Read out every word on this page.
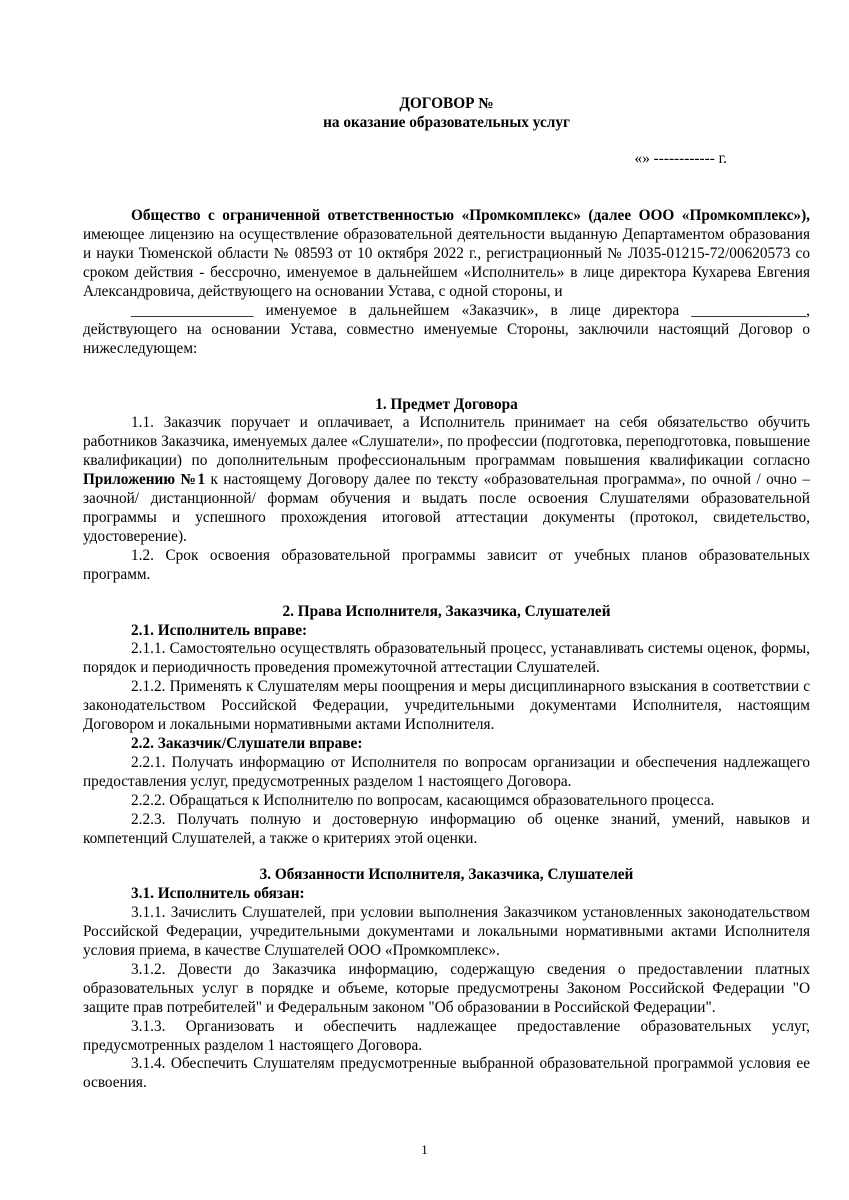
ДОГОВОР №
на оказание образовательных услуг
«» ------------ г.

Общество с ограниченной ответственностью «Промкомплекс» (далее ООО «Промкомплекс»), имеющее лицензию на осуществление образовательной деятельности выданную Департаментом образования и науки Тюменской области № 08593 от 10 октября 2022 г., регистрационный № Л035-01215-72/00620573 со сроком действия - бессрочно, именуемое в дальнейшем «Исполнитель» в лице директора Кухарева Евгения Александровича, действующего на основании Устава, с одной стороны, и

________________ именуемое в дальнейшем «Заказчик», в лице директора _______________, действующего на основании Устава, совместно именуемые Стороны, заключили настоящий Договор о нижеследующем:

1. Предмет Договора

1.1. Заказчик поручает и оплачивает, а Исполнитель принимает на себя обязательство обучить работников Заказчика, именуемых далее «Слушатели», по профессии (подготовка, переподготовка, повышение квалификации) по дополнительным профессиональным программам повышения квалификации согласно Приложению №1 к настоящему Договору далее по тексту «образовательная программа», по очной / очно – заочной/ дистанционной/ формам обучения и выдать после освоения Слушателями образовательной программы и успешного прохождения итоговой аттестации документы (протокол, свидетельство, удостоверение).

1.2. Срок освоения образовательной программы зависит от учебных планов образовательных программ.

2. Права Исполнителя, Заказчика, Слушателей
2.1. Исполнитель вправе:

2.1.1. Самостоятельно осуществлять образовательный процесс, устанавливать системы оценок, формы, порядок и периодичность проведения промежуточной аттестации Слушателей.

2.1.2. Применять к Слушателям меры поощрения и меры дисциплинарного взыскания в соответствии с законодательством Российской Федерации, учредительными документами Исполнителя, настоящим Договором и локальными нормативными актами Исполнителя.

2.2. Заказчик/Слушатели вправе:

2.2.1. Получать информацию от Исполнителя по вопросам организации и обеспечения надлежащего предоставления услуг, предусмотренных разделом 1 настоящего Договора.

2.2.2. Обращаться к Исполнителю по вопросам, касающимся образовательного процесса.

2.2.3. Получать полную и достоверную информацию об оценке знаний, умений, навыков и компетенций Слушателей, а также о критериях этой оценки.

3. Обязанности Исполнителя, Заказчика, Слушателей
3.1. Исполнитель обязан:

3.1.1. Зачислить Слушателей, при условии выполнения Заказчиком установленных законодательством Российской Федерации, учредительными документами и локальными нормативными актами Исполнителя условия приема, в качестве Слушателей ООО «Промкомплекс».

3.1.2. Довести до Заказчика информацию, содержащую сведения о предоставлении платных образовательных услуг в порядке и объеме, которые предусмотрены Законом Российской Федерации "О защите прав потребителей" и Федеральным законом "Об образовании в Российской Федерации".

3.1.3. Организовать и обеспечить надлежащее предоставление образовательных услуг, предусмотренных разделом 1 настоящего Договора.

3.1.4. Обеспечить Слушателям предусмотренные выбранной образовательной программой условия ее освоения.

1
